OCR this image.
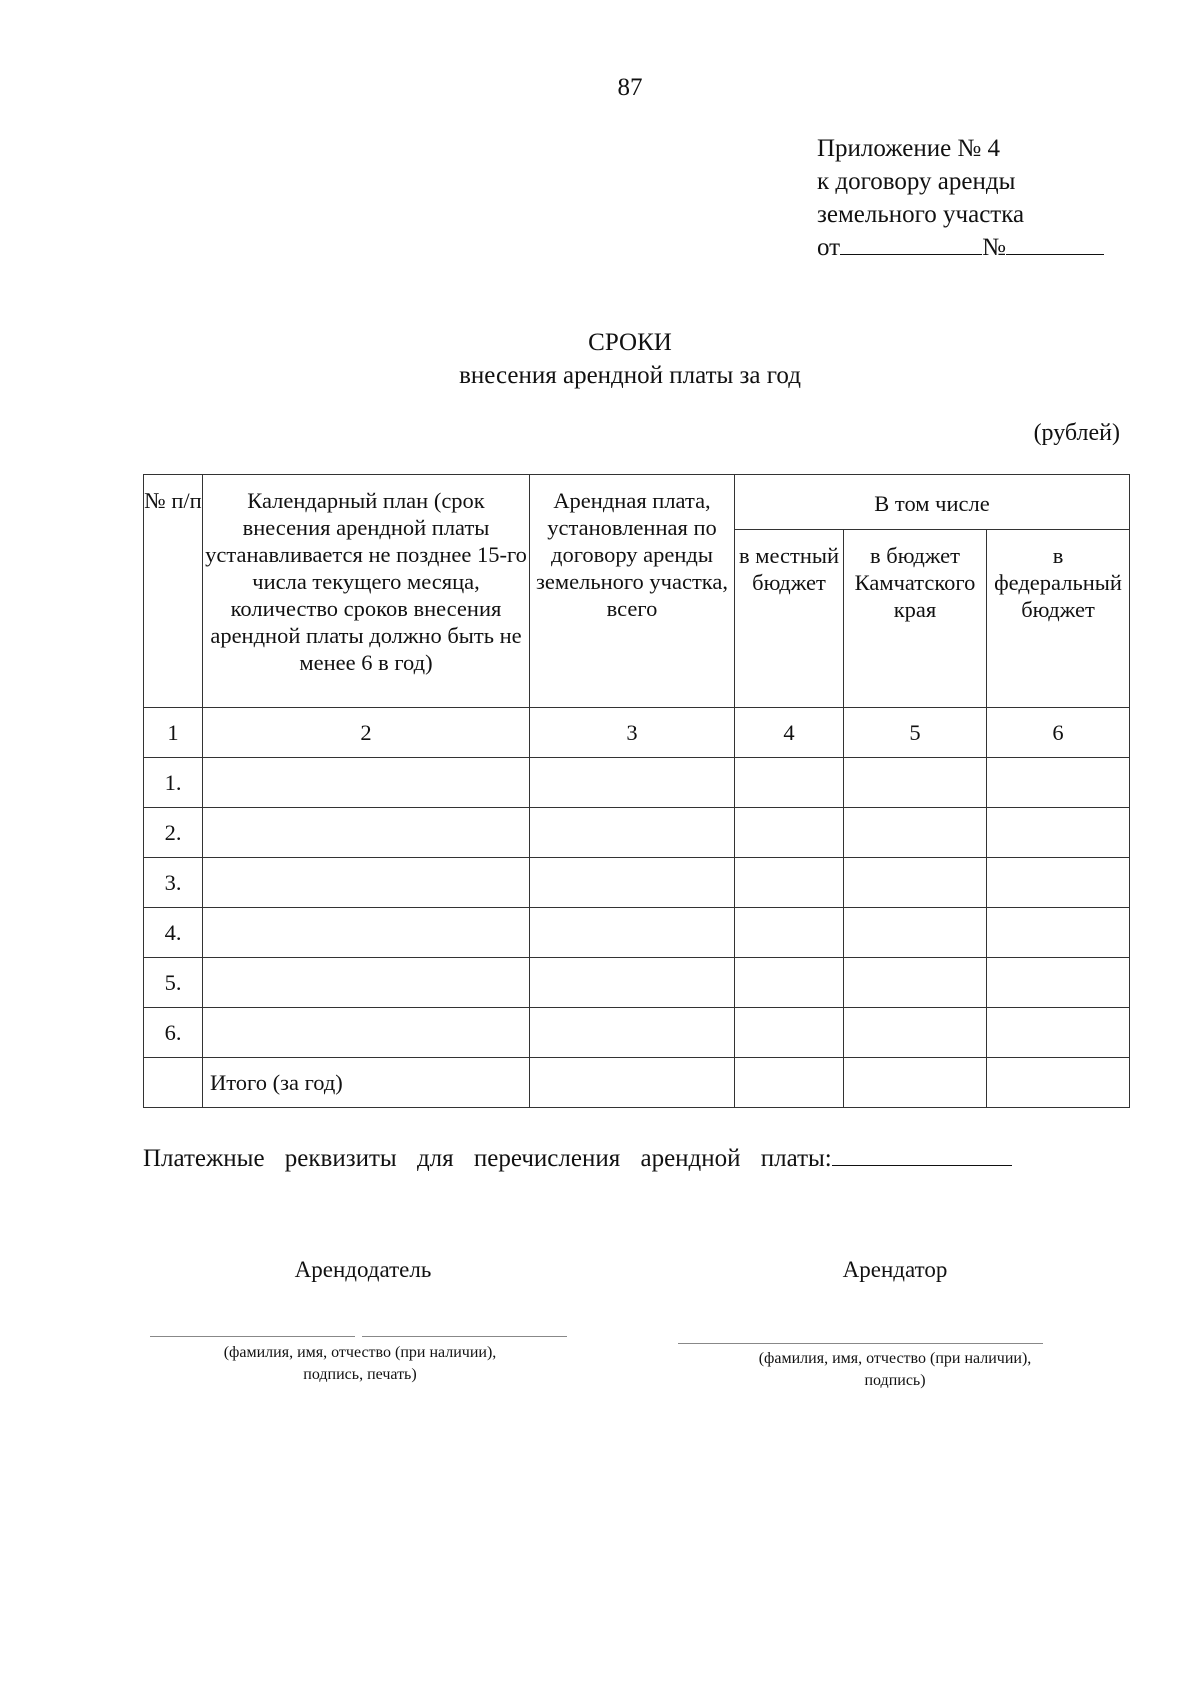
87
Приложение № 4
к договору аренды
земельного участка
от	№
СРОКИ
внесения арендной платы за год
(рублей)
№ п/п	Календарный план (срок внесения арендной платы устанавливается не позднее 15-го числа текущего месяца, количество сроков внесения арендной платы должно быть не менее 6 в год)	Арендная плата, установленная по договору аренды земельного участка, всего	В том числе		
			в местный бюджет	в бюджет Камчатского края	в федеральный бюджет
1	2	3	4	5	6
1.					
2.					
3.					
4.					
5.					
6.					
	Итого (за год)				
Платежные реквизиты для перечисления арендной платы:
Арендодатель
(фамилия, имя, отчество (при наличии), подпись, печать)
Арендатор
(фамилия, имя, отчество (при наличии), подпись)
